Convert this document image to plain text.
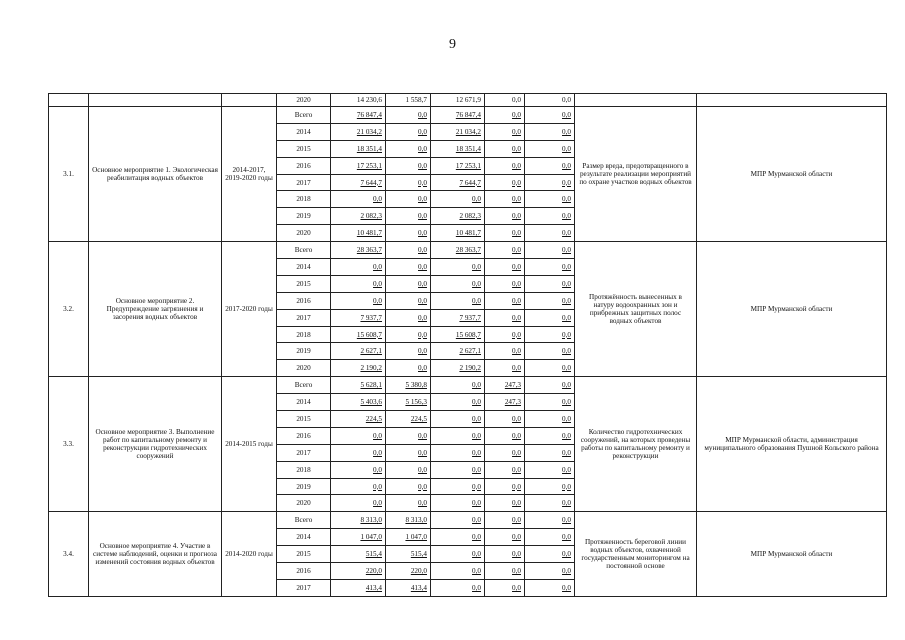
9
			2020	14 230,6	1 558,7	12 671,9	0,0	0,0		
3.1.	Основное мероприятие 1. Экологическая реабилитация водных объектов	2014-2017, 2019-2020 годы	Всего	76 847,4	0,0	76 847,4	0,0	0,0	Размер вреда, предотвращенного в результате реализации мероприятий по охране участков водных объектов	МПР Мурманской области
			2014	21 034,2	0,0	21 034,2	0,0	0,0		
			2015	18 351,4	0,0	18 351,4	0,0	0,0		
			2016	17 253,1	0,0	17 253,1	0,0	0,0		
			2017	7 644,7	0,0	7 644,7	0,0	0,0		
			2018	0,0	0,0	0,0	0,0	0,0		
			2019	2 082,3	0,0	2 082,3	0,0	0,0		
			2020	10 481,7	0,0	10 481,7	0,0	0,0		
3.2.	Основное мероприятие 2. Предупреждение загрязнения и засорения водных объектов	2017-2020 годы	Всего	28 363,7	0,0	28 363,7	0,0	0,0	Протяжённость вынесенных в натуру водоохранных зон и прибрежных защитных полос водных объектов	МПР Мурманской области
			2014	0,0	0,0	0,0	0,0	0,0		
			2015	0,0	0,0	0,0	0,0	0,0		
			2016	0,0	0,0	0,0	0,0	0,0		
			2017	7 937,7	0,0	7 937,7	0,0	0,0		
			2018	15 608,7	0,0	15 608,7	0,0	0,0		
			2019	2 627,1	0,0	2 627,1	0,0	0,0		
			2020	2 190,2	0,0	2 190,2	0,0	0,0		
3.3.	Основное мероприятие 3. Выполнение работ по капитальному ремонту и реконструкции гидротехнических сооружений	2014-2015 годы	Всего	5 628,1	5 380,8	0,0	247,3	0,0	Количество гидротехнических сооружений, на которых проведены работы по капитальному ремонту и реконструкции	МПР Мурманской области, администрация муниципального образования Пушной Кольского района
			2014	5 403,6	5 156,3	0,0	247,3	0,0		
			2015	224,5	224,5	0,0	0,0	0,0		
			2016	0,0	0,0	0,0	0,0	0,0		
			2017	0,0	0,0	0,0	0,0	0,0		
			2018	0,0	0,0	0,0	0,0	0,0		
			2019	0,0	0,0	0,0	0,0	0,0		
			2020	0,0	0,0	0,0	0,0	0,0		
3.4.	Основное мероприятие 4. Участие в системе наблюдений, оценки и прогноза изменений состояния водных объектов	2014-2020 годы	Всего	8 313,0	8 313,0	0,0	0,0	0,0	Протяженность береговой линии водных объектов, охваченной государственным мониторингом на постоянной основе	МПР Мурманской области
			2014	1 047,0	1 047,0	0,0	0,0	0,0		
			2015	515,4	515,4	0,0	0,0	0,0		
			2016	220,0	220,0	0,0	0,0	0,0		
			2017	413,4	413,4	0,0	0,0	0,0		
